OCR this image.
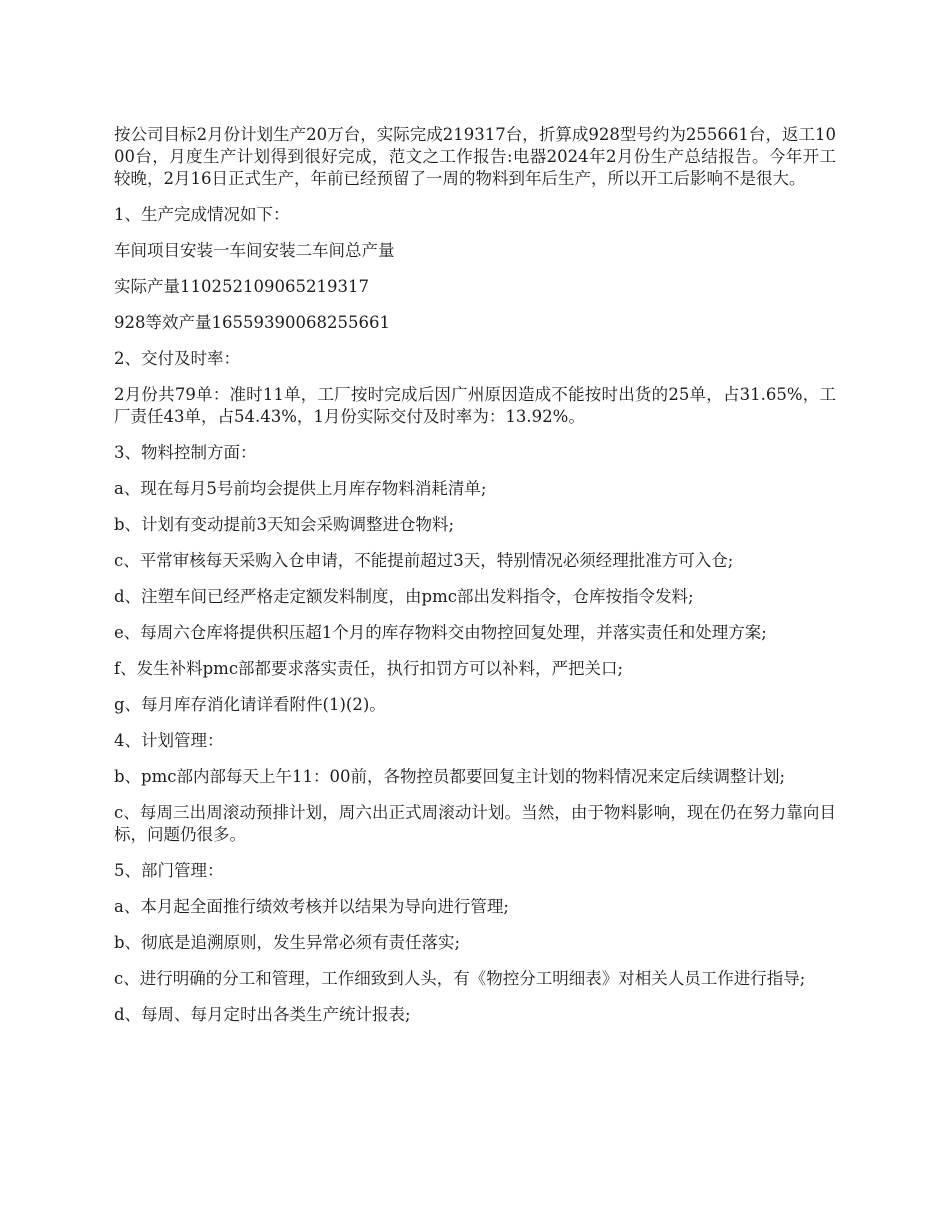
按公司目标2月份计划生产20万台，实际完成219317台，折算成928型号约为255661台，返工1000台，月度生产计划得到很好完成，范文之工作报告:电器2024年2月份生产总结报告。今年开工较晚，2月16日正式生产，年前已经预留了一周的物料到年后生产，所以开工后影响不是很大。

1、生产完成情况如下：

车间项目安装一车间安装二车间总产量

实际产量110252109065219317

928等效产量16559390068255661

2、交付及时率：

2月份共79单：准时11单，工厂按时完成后因广州原因造成不能按时出货的25单，占31.65%，工厂责任43单，占54.43%，1月份实际交付及时率为：13.92%。

3、物料控制方面：

a、现在每月5号前均会提供上月库存物料消耗清单;

b、计划有变动提前3天知会采购调整进仓物料;

c、平常审核每天采购入仓申请，不能提前超过3天，特别情况必须经理批准方可入仓;

d、注塑车间已经严格走定额发料制度，由pmc部出发料指令，仓库按指令发料;

e、每周六仓库将提供积压超1个月的库存物料交由物控回复处理，并落实责任和处理方案;

f、发生补料pmc部都要求落实责任，执行扣罚方可以补料，严把关口;

g、每月库存消化请详看附件(1)(2)。

4、计划管理：

b、pmc部内部每天上午11：00前，各物控员都要回复主计划的物料情况来定后续调整计划;

c、每周三出周滚动预排计划，周六出正式周滚动计划。当然，由于物料影响，现在仍在努力靠向目标，问题仍很多。

5、部门管理：

a、本月起全面推行绩效考核并以结果为导向进行管理;

b、彻底是追溯原则，发生异常必须有责任落实;

c、进行明确的分工和管理，工作细致到人头，有《物控分工明细表》对相关人员工作进行指导;

d、每周、每月定时出各类生产统计报表;
